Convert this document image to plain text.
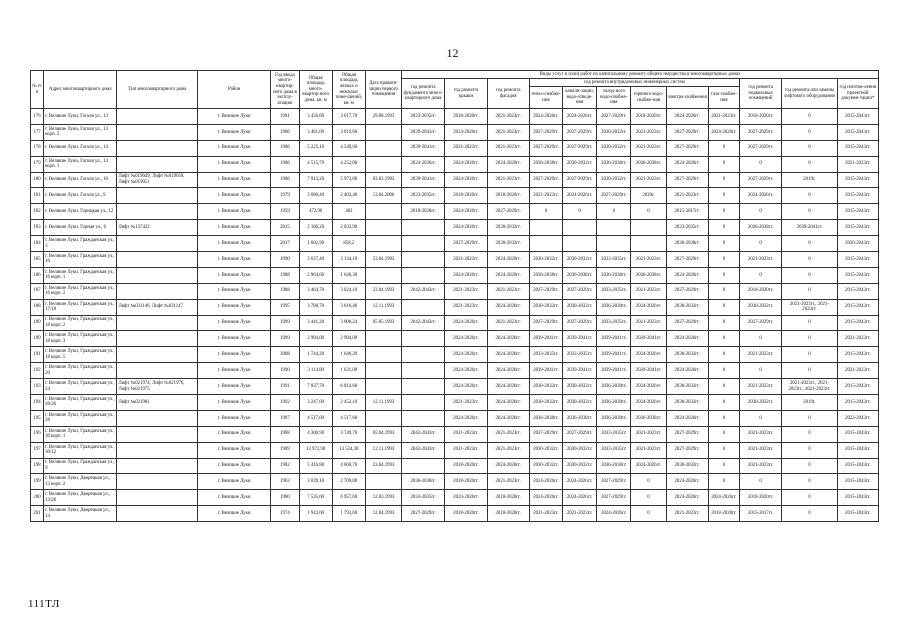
12
№ п/п	Адрес многоквартирного дома	Тип многоквартирного дома	Район	Год ввода много-квартир-ного дома в эксплу-атацию	Общая площадь много-квартир-ного дома, кв. м	Общая площадь жилых и нежилых поме-щений, кв. м	Дата привати-зации первого помещения	Виды услуг и (или) работ по капитальному ремонту общего имущества в многоквартирных домах											
								год ремонта фундамента много-квартирного дома	год ремонта крыши	год ремонта фасадов	год ремонта внутридомовых инженерных систем						год ремонта подвальных помещений	год ремонта или замены лифтового оборудования	год изготов-ления проектной докумен-тации*
											тепло-снабже-ния	канали-зации, водо-отведе-ния	холод-ного водо-снабже-ния	горячего водо-снабже-ния	электро-снабжения	газо-снабже-ния			
176	г. Великие Луки, Гоголя ул., 13		г. Великие Луки	1981	3 456,60	3 017,70	29.08.1993	2033-2035гг.	2018-2020гг.	2021-2023гг.	2024-2026гг.	2024-2026гг.	2027-2029гг.	2018-2020гг.	2024-2026гг.	2021-2023гг.	2018-2020гг.	0	2015-2043гг.
177	г. Великие Луки, Гоголя ул., 13 корп. 2		г. Великие Луки	1986	3 461,00	3 019,60		2039-2041гг.	2024-2026гг.	2021-2023гг.	2027-2029гг.	2027-2029гг.	2030-2032гг.	2021-2023гг.	2027-2029гг.	2024-2026гг.	2027-2029гг.	0	2015-2043гг.
178	г. Великие Луки, Гоголя ул., 14		г. Великие Луки	1986	5 225,10	4 549,60		2039-2041гг.	2021-2023гг.	2021-2023гг.	2027-2029гг.	2027-2029гг.	2030-2032гг.	2021-2023гг.	2027-2029гг.	0	2027-2029гг.	0	2015-2043гг.
179	г. Великие Луки, Гоголя ул., 14 корп. 1		г. Великие Луки	1986	4 515,70	4 252,00		2024-2026гг.	2024-2026гг.	2024-2026гг.	2036-2038гг.	2030-2032гг.	2036-2038гг.	2036-2038гг.	2024-2026гг.	0	0	0	2021-2023гг.
180	г. Великие Луки, Гоголя ул., 16	Лифт №019049, Лифт №019050, Лифт №019051	г. Великие Луки	1986	7 913,20	5 973,80	03.02.1993	2039-2041гг.	2024-2026гг.	2021-2023гг.	2027-2029гг.	2027-2029гг.	2030-2032гг.	2021-2023гг.	2027-2029гг.	0	2027-2029гг.	2019г.	2015-2043гг.
181	г. Великие Луки, Гоголя ул., 9		г. Великие Луки	1979	3 680,40	2 403,40	13.04.2006	2033-2035гг.	2018-2020гг.	2018-2020гг.	2021-2023гг.	2024-2026гг.	2027-2029гг.	2030г.	2021-2023гг.	0	2024-2026гг.	0	2015-2043гг.
182	г. Великие Луки, Горицкая ул., 12		г. Великие Луки	1959	472,90	383		2018-2020гг.	2024-2026гг.	2027-2029гг.	0	0	0	0	2015-2017гг.	0	0	0	2015-2043гг.
183	г. Великие Луки, Горная ул., 6	Лифт №137422	г. Великие Луки	2015	2 160,20	2 033,90			2024-2026гг.	2030-2032гг.					2033-2035гг.	0	2036-2038гг.	2039-2041гг.	2015-2043гг.
184	г. Великие Луки, Гражданская ул., 3		г. Великие Луки	2017	1 602,90	858,2			2027-2029гг.	2030-2032гг.					2036-2038гг.	0	0	0	2026-2043гг.
185	г. Великие Луки, Гражданская ул., 16		г. Великие Луки	1990	3 637,40	3 134,10	23.04.1993		2021-2023гг.	2024-2026гг.	2030-2032гг.	2030-2032гг.	2033-2035гг.	2021-2023гг.	2027-2029гг.	0	2021-2023гг.	0	2015-2043гг.
186	г. Великие Луки, Гражданская ул., 16 корп. 1		г. Великие Луки	1988	2 964,00	1 646,30			2024-2026гг.	2024-2026гг.	2036-2038гг.	2036-2038гг.	2036-2038гг.	2036-2038гг.	2024-2026гг.	0	0	0	2015-2043гг.
187	г. Великие Луки, Гражданская ул., 16 корп. 2		г. Великие Луки	1988	3 464,70	3 024,10	23.04.1993	2042-2043гг.	2021-2023гг.	2021-2023гг.	2027-2029гг.	2027-2029гг.	2033-2035гг.	2021-2023гг.	2027-2029гг.	0	2018-2020гг.	0	2015-2043гг.
188	г. Великие Луки, Гражданская ул., 17/18	Лифт №031146, Лифт №031147	г. Великие Луки	1995	3 788,70	3 616,40	12.11.1993		2021-2023гг.	2024-2026гг.	2030-2032гг.	2030-2032гг.	2036-2038гг.	2024-2026гг.	2030-2032гг.	0	2030-2032гг.	2021-2023гг., 2021-2023гг.	2015-2043гг.
189	г. Великие Луки, Гражданская ул., 18 корп. 2		г. Великие Луки	1989	3 441,20	3 006,24	05.05.1993	2042-2043гг.	2024-2026гг.	2021-2023гг.	2027-2029гг.	2027-2029гг.	2033-2035гг.	2021-2023гг.	2027-2029гг.	0	2027-2029гг.	0	2015-2043гг.
190	г. Великие Луки, Гражданская ул., 18 корп. 3		г. Великие Луки	1989	2 984,00	2 984,00			2024-2026гг.	2024-2026гг.	2039-2041гг.	2039-2041гг.	2039-2041гг.	2039-2041гг.	2024-2026гг.	0	0	0	2021-2023гг.
191	г. Великие Луки, Гражданская ул., 18 корп. 5		г. Великие Луки	2008	1 744,20	1 646,20			2024-2026гг.	2024-2026гг.	2033-2035гг.	2033-2035гг.	2039-2041гг.	2024-2026гг.	2030-2032гг.	0	2021-2023гг.	0	2015-2043гг.
192	г. Великие Луки, Гражданская ул., 20		г. Великие Луки	1990	3 114,00	1 631,00			2024-2026гг.	2024-2026гг.	2039-2041гг.	2039-2041гг.	2039-2041гг.	2039-2041гг.	2024-2026гг.	0	0	0	2021-2023гг.
193	г. Великие Луки, Гражданская ул., 24	Лифт №021974, Лифт №021976, Лифт №021975	г. Великие Луки	1991	7 837,70	6 014,60			2024-2026гг.	2024-2026гг.	2030-2032гг.	2030-2032гг.	2036-2038гг.	2024-2026гг.	2030-2032гг.	0	2021-2023гг.	2021-2023гг., 2021-2023гг., 2021-2023гг.	2015-2043гг.
194	г. Великие Луки, Гражданская ул., 26/26	Лифт №021981	г. Великие Луки	1992	3 247,60	2 452,10	12.11.1993		2021-2023гг.	2024-2026гг.	2030-2032гг.	2030-2032гг.	2036-2038гг.	2024-2026гг.	2030-2032гг.	0	2030-2032гг.	2019г.	2015-2043гг.
195	г. Великие Луки, Гражданская ул., 28		г. Великие Луки	1987	4 517,60	4 517,60			2024-2026гг.	2024-2026гг.	2036-2038гг.	2036-2038гг.	2036-2038гг.	2036-2038гг.	2024-2026гг.	0	0	0	2023-2043гг.
196	г. Великие Луки, Гражданская ул., 30 корп. 1		г. Великие Луки	1988	4 300,90	3 749,70	05.04.1993	2042-2043гг.	2021-2023гг.	2021-2023гг.	2027-2029гг.	2027-2029гг.	2033-2035гг.	2021-2023гг.	2027-2029гг.	0	2021-2023гг.	0	2015-2043гг.
197	г. Великие Луки, Гражданская ул., 30/12		г. Великие Луки	1989	13 972,90	13 524,30	12.11.1993	2042-2043гг.	2021-2023гг.	2021-2023гг.	2030-2032гг.	2030-2032гг.	2033-2035гг.	2021-2023гг.	2027-2029гг.	0	2021-2023гг.	0	2015-2043гг.
198	г. Великие Луки, Гражданская ул., 9		г. Великие Луки	1982	5 416,80	4 660,70	23.04.1993		2018-2020гг.	2024-2026гг.	2030-2032гг.	2030-2032гг.	2036-2038гг.	2024-2026гг.	2030-2032гг.	0	2021-2023гг.	0	2015-2043гг.
199	г. Великие Луки, Дворецкая ул., 13 корп. 2		г. Великие Луки	1963	3 039,10	2 709,80		2036-2038гг.	2018-2020гг.	2021-2023гг.	2024-2026гг.	2024-2026гг.	2027-2029гг.	0	2024-2026гг.	0	0	0	2015-2043гг.
200	г. Великие Луки, Дворецкая ул., 13/28		г. Великие Луки	1980	7 535,60	6 957,60	12.03.1993	2033-2035гг.	2024-2026гг.	2018-2020гг.	2024-2026гг.	2024-2026гг.	2027-2029гг.	0	2024-2026гг.	2024-2026гг.	2018-2020гг.	0	2015-2043гг.
201	г. Великие Луки, Дворецкая ул., 14		г. Великие Луки	1974	1 943,60	1 793,60	12.04.1993	2027-2029гг.	2018-2020гг.	2018-2020гг.	2021-2023гг.	2021-2023гг.	2024-2026гг.	0	2021-2023гг.	2018-2020гг.	2015-2017гг.	0	2015-2043гг.
111ТЛ
